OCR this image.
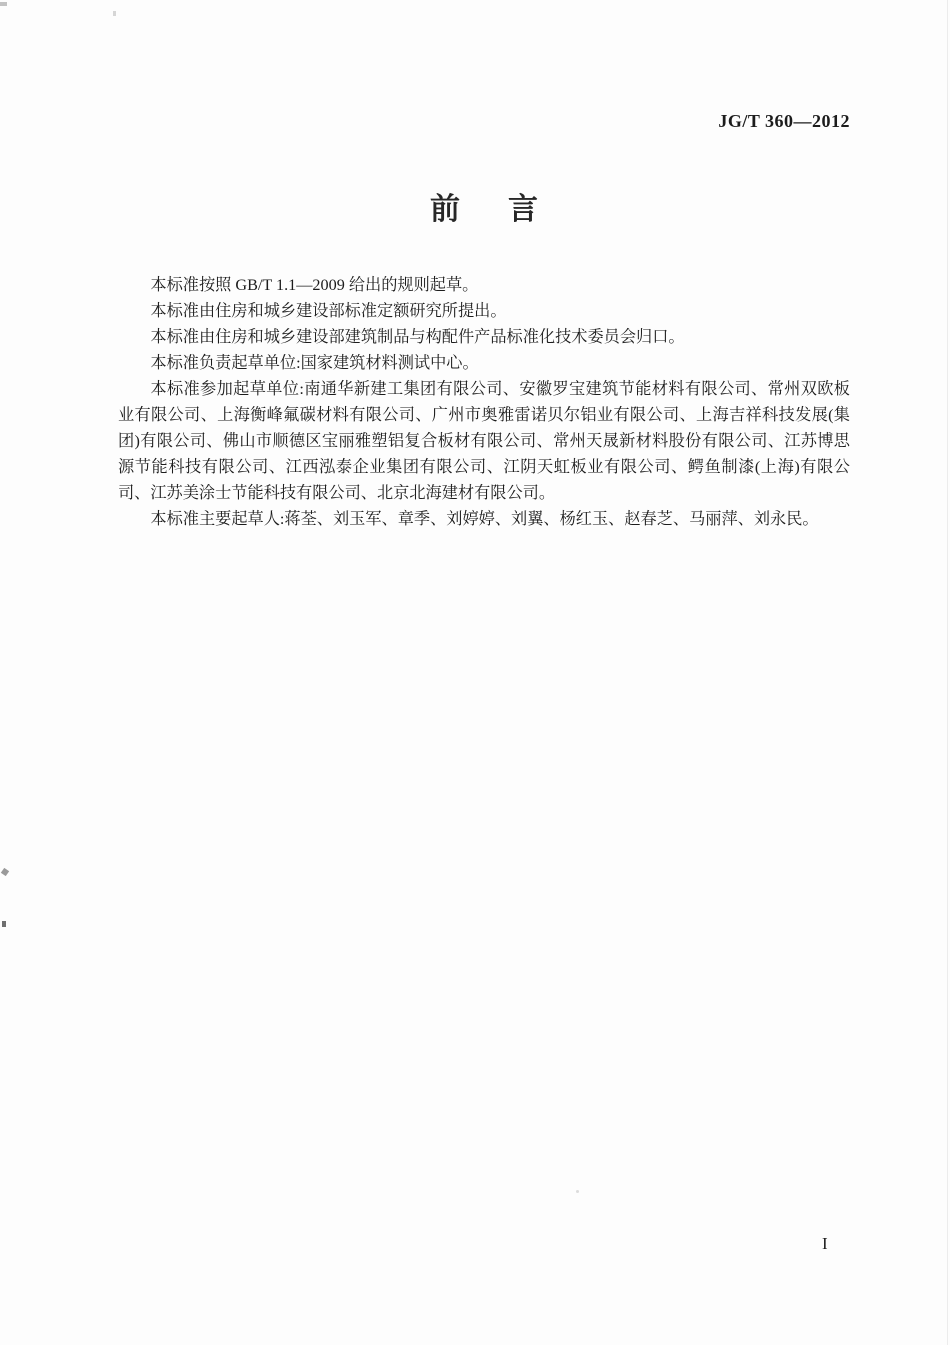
JG/T 360—2012
前 言

本标准按照 GB/T 1.1—2009 给出的规则起草。

本标准由住房和城乡建设部标准定额研究所提出。

本标准由住房和城乡建设部建筑制品与构配件产品标准化技术委员会归口。

本标准负责起草单位:国家建筑材料测试中心。

本标准参加起草单位:南通华新建工集团有限公司、安徽罗宝建筑节能材料有限公司、常州双欧板业有限公司、上海衡峰氟碳材料有限公司、广州市奥雅雷诺贝尔铝业有限公司、上海吉祥科技发展(集团)有限公司、佛山市顺德区宝丽雅塑铝复合板材有限公司、常州天晟新材料股份有限公司、江苏博思源节能科技有限公司、江西泓泰企业集团有限公司、江阴天虹板业有限公司、鳄鱼制漆(上海)有限公司、江苏美涂士节能科技有限公司、北京北海建材有限公司。

本标准主要起草人:蒋荃、刘玉军、章季、刘婷婷、刘翼、杨红玉、赵春芝、马丽萍、刘永民。

I
